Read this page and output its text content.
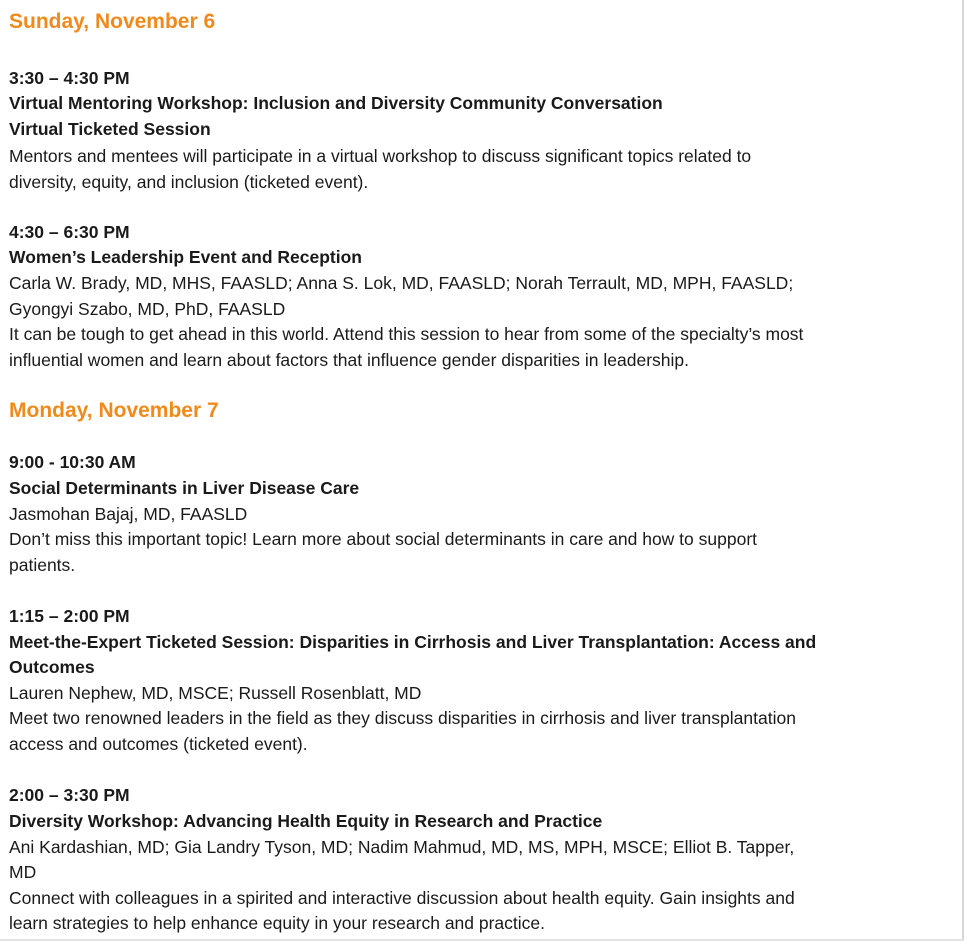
Sunday, November 6
3:30 – 4:30 PM
Virtual Mentoring Workshop: Inclusion and Diversity Community Conversation
Virtual Ticketed Session
Mentors and mentees will participate in a virtual workshop to discuss significant topics related to
diversity, equity, and inclusion (ticketed event).
4:30 – 6:30 PM
Women’s Leadership Event and Reception
Carla W. Brady, MD, MHS, FAASLD; Anna S. Lok, MD, FAASLD; Norah Terrault, MD, MPH, FAASLD;
Gyongyi Szabo, MD, PhD, FAASLD
It can be tough to get ahead in this world. Attend this session to hear from some of the specialty’s most
influential women and learn about factors that influence gender disparities in leadership.
Monday, November 7
9:00 - 10:30 AM
Social Determinants in Liver Disease Care
Jasmohan Bajaj, MD, FAASLD
Don’t miss this important topic! Learn more about social determinants in care and how to support
patients.
1:15 – 2:00 PM
Meet-the-Expert Ticketed Session: Disparities in Cirrhosis and Liver Transplantation: Access and
Outcomes
Lauren Nephew, MD, MSCE; Russell Rosenblatt, MD
Meet two renowned leaders in the field as they discuss disparities in cirrhosis and liver transplantation
access and outcomes (ticketed event).
2:00 – 3:30 PM
Diversity Workshop: Advancing Health Equity in Research and Practice
Ani Kardashian, MD; Gia Landry Tyson, MD; Nadim Mahmud, MD, MS, MPH, MSCE; Elliot B. Tapper,
MD
Connect with colleagues in a spirited and interactive discussion about health equity. Gain insights and
learn strategies to help enhance equity in your research and practice.
